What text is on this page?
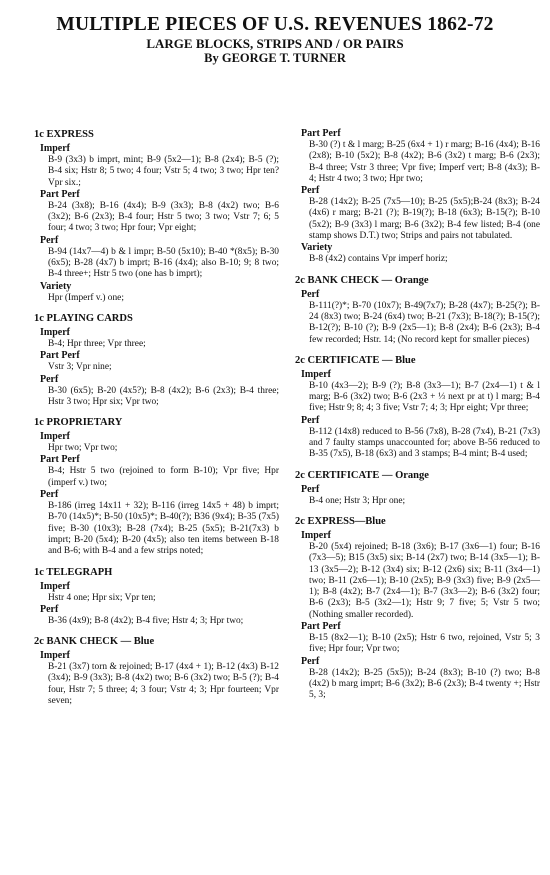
MULTIPLE PIECES OF U.S. REVENUES 1862-72
LARGE BLOCKS, STRIPS AND / OR PAIRS
By GEORGE T. TURNER
1c EXPRESS
Imperf
B-9 (3x3) b imprt, mint; B-9 (5x2—1); B-8 (2x4); B-5 (?); B-4 six; Hstr 8; 5 two; 4 four; Vstr 5; 4 two; 3 two; Hpr ten? Vpr six.;
Part Perf
B-24 (3x8); B-16 (4x4); B-9 (3x3); B-8 (4x2) two; B-6 (3x2); B-6 (2x3); B-4 four; Hstr 5 two; 3 two; Vstr 7; 6; 5 four; 4 two; 3 two; Hpr four; Vpr eight;
Perf
B-94 (14x7—4) b & l impr; B-50 (5x10); B-40 *(8x5); B-30 (6x5); B-28 (4x7) b imprt; B-16 (4x4); also B-10; 9; 8 two; B-4 three+; Hstr 5 two (one has b imprt);
Variety
Hpr (Imperf v.) one;
1c PLAYING CARDS
Imperf
B-4; Hpr three; Vpr three;
Part Perf
Vstr 3; Vpr nine;
Perf
B-30 (6x5); B-20 (4x5?); B-8 (4x2); B-6 (2x3); B-4 three; Hstr 3 two; Hpr six; Vpr two;
1c PROPRIETARY
Imperf
Hpr two; Vpr two;
Part Perf
B-4; Hstr 5 two (rejoined to form B-10); Vpr five; Hpr (imperf v.) two;
Perf
B-186 (irreg 14x11 + 32); B-116 (irreg 14x5 + 48) b imprt; B-70 (14x5)*; B-50 (10x5)*; B-40(?); B36 (9x4); B-35 (7x5) five; B-30 (10x3); B-28 (7x4); B-25 (5x5); B-21(7x3) b imprt; B-20 (5x4); B-20 (4x5); also ten items between B-18 and B-6; with B-4 and a few strips noted;
1c TELEGRAPH
Imperf
Hstr 4 one; Hpr six; Vpr ten;
Perf
B-36 (4x9); B-8 (4x2); B-4 five; Hstr 4; 3; Hpr two;
2c BANK CHECK — Blue
Imperf
B-21 (3x7) torn & rejoined; B-17 (4x4 + 1); B-12 (4x3) B-12 (3x4); B-9 (3x3); B-8 (4x2) two; B-6 (3x2) two; B-5 (?); B-4 four, Hstr 7; 5 three; 4; 3 four; Vstr 4; 3; Hpr fourteen; Vpr seven;
Part Perf
B-30 (?) t & l marg; B-25 (6x4 + 1) r marg; B-16 (4x4); B-16 (2x8); B-10 (5x2); B-8 (4x2); B-6 (3x2) t marg; B-6 (2x3); B-4 three; Vstr 3 three; Vpr five; Imperf vert; B-8 (4x3); B-4; Hstr 4 two; 3 two; Hpr two;
Perf
B-28 (14x2); B-25 (7x5—10); B-25 (5x5);B-24 (8x3); B-24 (4x6) r marg; B-21 (?); B-19(?); B-18 (6x3); B-15(?); B-10 (5x2); B-9 (3x3) l marg; B-6 (3x2); B-4 few listed; B-4 (one stamp shows D.T.) two; Strips and pairs not tabulated.
Variety
B-8 (4x2) contains Vpr imperf horiz;
2c BANK CHECK — Orange
Perf
B-111(?)*; B-70 (10x7); B-49(7x7); B-28 (4x7); B-25(?); B-24 (8x3) two; B-24 (6x4) two; B-21 (7x3); B-18(?); B-15(?); B-12(?); B-10 (?); B-9 (2x5—1); B-8 (2x4); B-6 (2x3); B-4 few recorded; Hstr. 14; (No record kept for smaller pieces)
2c CERTIFICATE — Blue
Imperf
B-10 (4x3—2); B-9 (?); B-8 (3x3—1); B-7 (2x4—1) t & l marg; B-6 (3x2) two; B-6 (2x3 + ⅓ next pr at t) l marg; B-4 five; Hstr 9; 8; 4; 3 five; Vstr 7; 4; 3; Hpr eight; Vpr three;
Perf
B-112 (14x8) reduced to B-56 (7x8), B-28 (7x4), B-21 (7x3) and 7 faulty stamps unaccounted for; above B-56 reduced to B-35 (7x5), B-18 (6x3) and 3 stamps; B-4 mint; B-4 used;
2c CERTIFICATE — Orange
Perf
B-4 one; Hstr 3; Hpr one;
2c EXPRESS—Blue
Imperf
B-20 (5x4) rejoined; B-18 (3x6); B-17 (3x6—1) four; B-16 (7x3—5); B15 (3x5) six; B-14 (2x7) two; B-14 (3x5—1); B-13 (3x5—2); B-12 (3x4) six; B-12 (2x6) six; B-11 (3x4—1) two; B-11 (2x6—1); B-10 (2x5); B-9 (3x3) five; B-9 (2x5—1); B-8 (4x2); B-7 (2x4—1); B-7 (3x3—2); B-6 (3x2) four; B-6 (2x3); B-5 (3x2—1); Hstr 9; 7 five; 5; Vstr 5 two; (Nothing smaller recorded).
Part Perf
B-15 (8x2—1); B-10 (2x5); Hstr 6 two, rejoined, Vstr 5; 3 five; Hpr four; Vpr two;
Perf
B-28 (14x2); B-25 (5x5)); B-24 (8x3); B-10 (?) two; B-8 (4x2) b marg imprt; B-6 (3x2); B-6 (2x3); B-4 twenty +; Hstr 5, 3;
